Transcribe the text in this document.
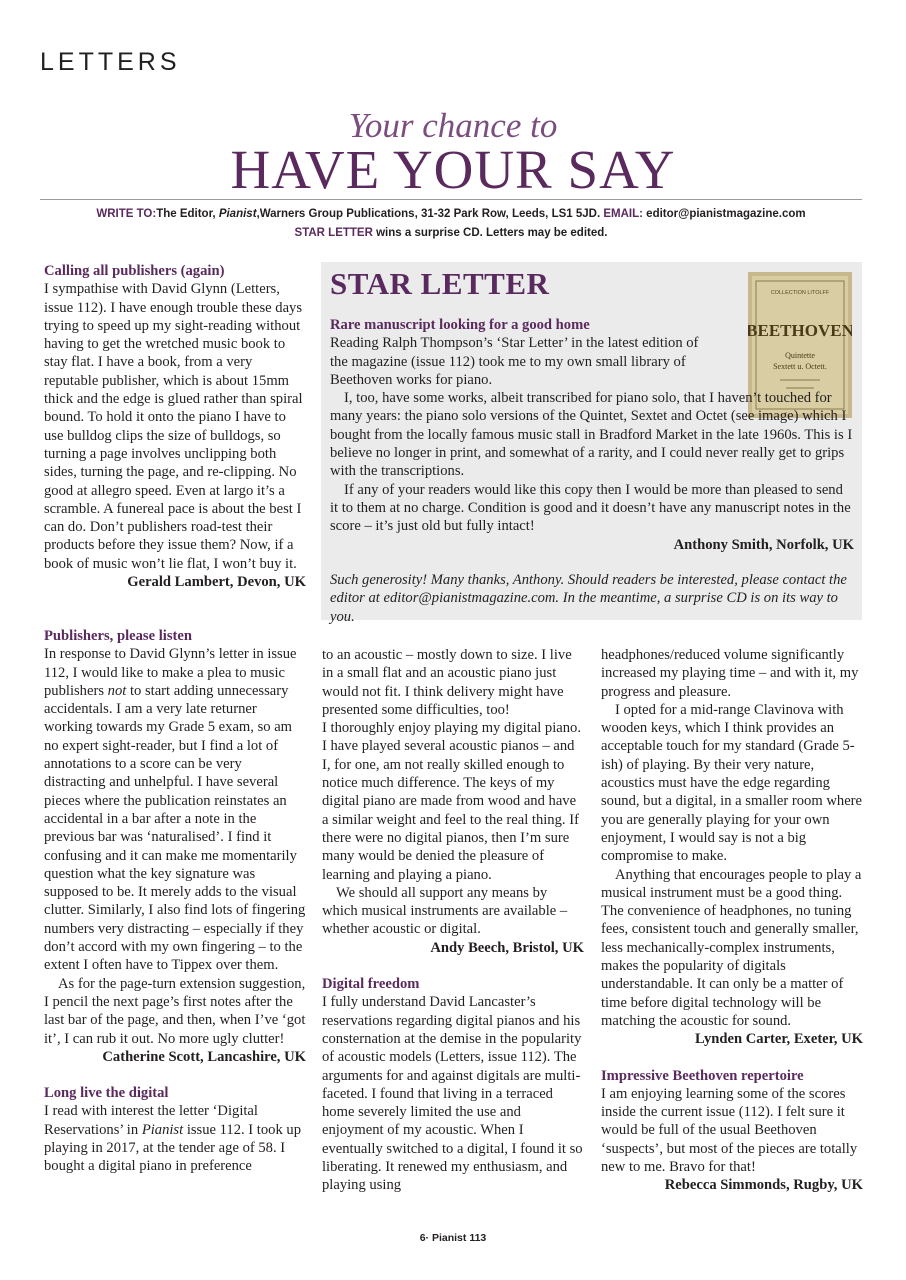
LETTERS
Your chance to
HAVE YOUR SAY
WRITE TO:The Editor, Pianist,Warners Group Publications, 31-32 Park Row, Leeds, LS1 5JD. EMAIL: editor@pianistmagazine.com
STAR LETTER wins a surprise CD. Letters may be edited.
Calling all publishers (again)

I sympathise with David Glynn (Letters, issue 112). I have enough trouble these days trying to speed up my sight-reading without having to get the wretched music book to stay flat. I have a book, from a very reputable publisher, which is about 15mm thick and the edge is glued rather than spiral bound. To hold it onto the piano I have to use bulldog clips the size of bulldogs, so turning a page involves unclipping both sides, turning the page, and re-clipping. No good at allegro speed. Even at largo it’s a scramble. A funereal pace is about the best I can do. Don’t publishers road-test their products before they issue them? Now, if a book of music won’t lie flat, I won’t buy it.

Gerald Lambert, Devon, UK

STAR LETTER	COLLECTION LITOLFF
BEETHOVEN
Quintette
Sextett u. Octett.
Rare manuscript looking for a good home

Reading Ralph Thompson’s ‘Star Letter’ in the latest edition of the magazine (issue 112) took me to my own small library of Beethoven works for piano.

I, too, have some works, albeit transcribed for piano solo, that I haven’t touched for many years: the piano solo versions of the Quintet, Sextet and Octet (see image) which I bought from the locally famous music stall in Bradford Market in the late 1960s. This is I believe no longer in print, and somewhat of a rarity, and I could never really get to grips with the transcriptions.

If any of your readers would like this copy then I would be more than pleased to send it to them at no charge. Condition is good and it doesn’t have any manuscript notes in the score – it’s just old but fully intact!

Anthony Smith, Norfolk, UK

Such generosity! Many thanks, Anthony. Should readers be interested, please contact the editor at editor@pianistmagazine.com. In the meantime, a surprise CD is on its way to you.
Publishers, please listen

In response to David Glynn’s letter in issue 112, I would like to make a plea to music publishers not to start adding unnecessary accidentals. I am a very late returner working towards my Grade 5 exam, so am no expert sight-reader, but I find a lot of annotations to a score can be very distracting and unhelpful. I have several pieces where the publication reinstates an accidental in a bar after a note in the previous bar was ‘naturalised’. I find it confusing and it can make me momentarily question what the key signature was supposed to be. It merely adds to the visual clutter. Similarly, I also find lots of fingering numbers very distracting – especially if they don’t accord with my own fingering – to the extent I often have to Tippex over them.

As for the page-turn extension suggestion, I pencil the next page’s first notes after the last bar of the page, and then, when I’ve ‘got it’, I can rub it out. No more ugly clutter!

Catherine Scott, Lancashire, UK

Long live the digital

I read with interest the letter ‘Digital Reservations’ in Pianist issue 112. I took up playing in 2017, at the tender age of 58. I bought a digital piano in preference

to an acoustic – mostly down to size. I live in a small flat and an acoustic piano just would not fit. I think delivery might have presented some difficulties, too!

I thoroughly enjoy playing my digital piano. I have played several acoustic pianos – and I, for one, am not really skilled enough to notice much difference. The keys of my digital piano are made from wood and have a similar weight and feel to the real thing. If there were no digital pianos, then I’m sure many would be denied the pleasure of learning and playing a piano.

We should all support any means by which musical instruments are available – whether acoustic or digital.

Andy Beech, Bristol, UK

Digital freedom

I fully understand David Lancaster’s reservations regarding digital pianos and his consternation at the demise in the popularity of acoustic models (Letters, issue 112). The arguments for and against digitals are multi-faceted. I found that living in a terraced home severely limited the use and enjoyment of my acoustic. When I eventually switched to a digital, I found it so liberating. It renewed my enthusiasm, and playing using

headphones/reduced volume significantly increased my playing time – and with it, my progress and pleasure.

I opted for a mid-range Clavinova with wooden keys, which I think provides an acceptable touch for my standard (Grade 5-ish) of playing. By their very nature, acoustics must have the edge regarding sound, but a digital, in a smaller room where you are generally playing for your own enjoyment, I would say is not a big compromise to make.

Anything that encourages people to play a musical instrument must be a good thing. The convenience of headphones, no tuning fees, consistent touch and generally smaller, less mechanically-complex instruments, makes the popularity of digitals understandable. It can only be a matter of time before digital technology will be matching the acoustic for sound.

Lynden Carter, Exeter, UK

Impressive Beethoven repertoire

I am enjoying learning some of the scores inside the current issue (112). I felt sure it would be full of the usual Beethoven ‘suspects’, but most of the pieces are totally new to me. Bravo for that!

Rebecca Simmonds, Rugby, UK

6· Pianist 113
